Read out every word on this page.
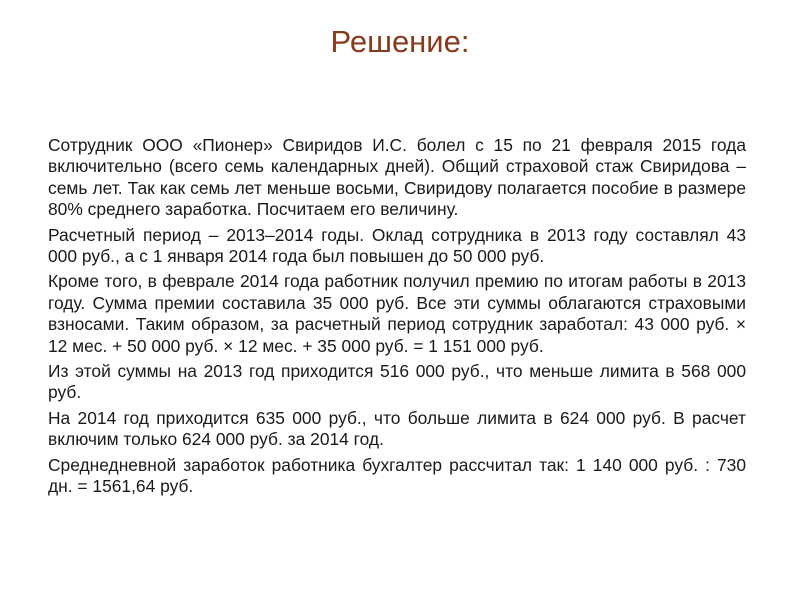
Решение:

Сотрудник ООО «Пионер» Свиридов И.С. болел с 15 по 21 февраля 2015 года включительно (всего семь календарных дней). Общий страховой стаж Свиридова – семь лет. Так как семь лет меньше восьми, Свиридову полагается пособие в размере 80% среднего заработка. Посчитаем его величину.

Расчетный период – 2013–2014 годы. Оклад сотрудника в 2013 году составлял 43 000 руб., а с 1 января 2014 года был повышен до 50 000 руб.

Кроме того, в феврале 2014 года работник получил премию по итогам работы в 2013 году. Сумма премии составила 35 000 руб. Все эти суммы облагаются страховыми взносами. Таким образом, за расчетный период сотрудник заработал: 43 000 руб. × 12 мес. + 50 000 руб. × 12 мес. + 35 000 руб. = 1 151 000 руб.

Из этой суммы на 2013 год приходится 516 000 руб., что меньше лимита в 568 000 руб.

На 2014 год приходится 635 000 руб., что больше лимита в 624 000 руб. В расчет включим только 624 000 руб. за 2014 год.

Среднедневной заработок работника бухгалтер рассчитал так: 1 140 000 руб. : 730 дн. = 1561,64 руб.
